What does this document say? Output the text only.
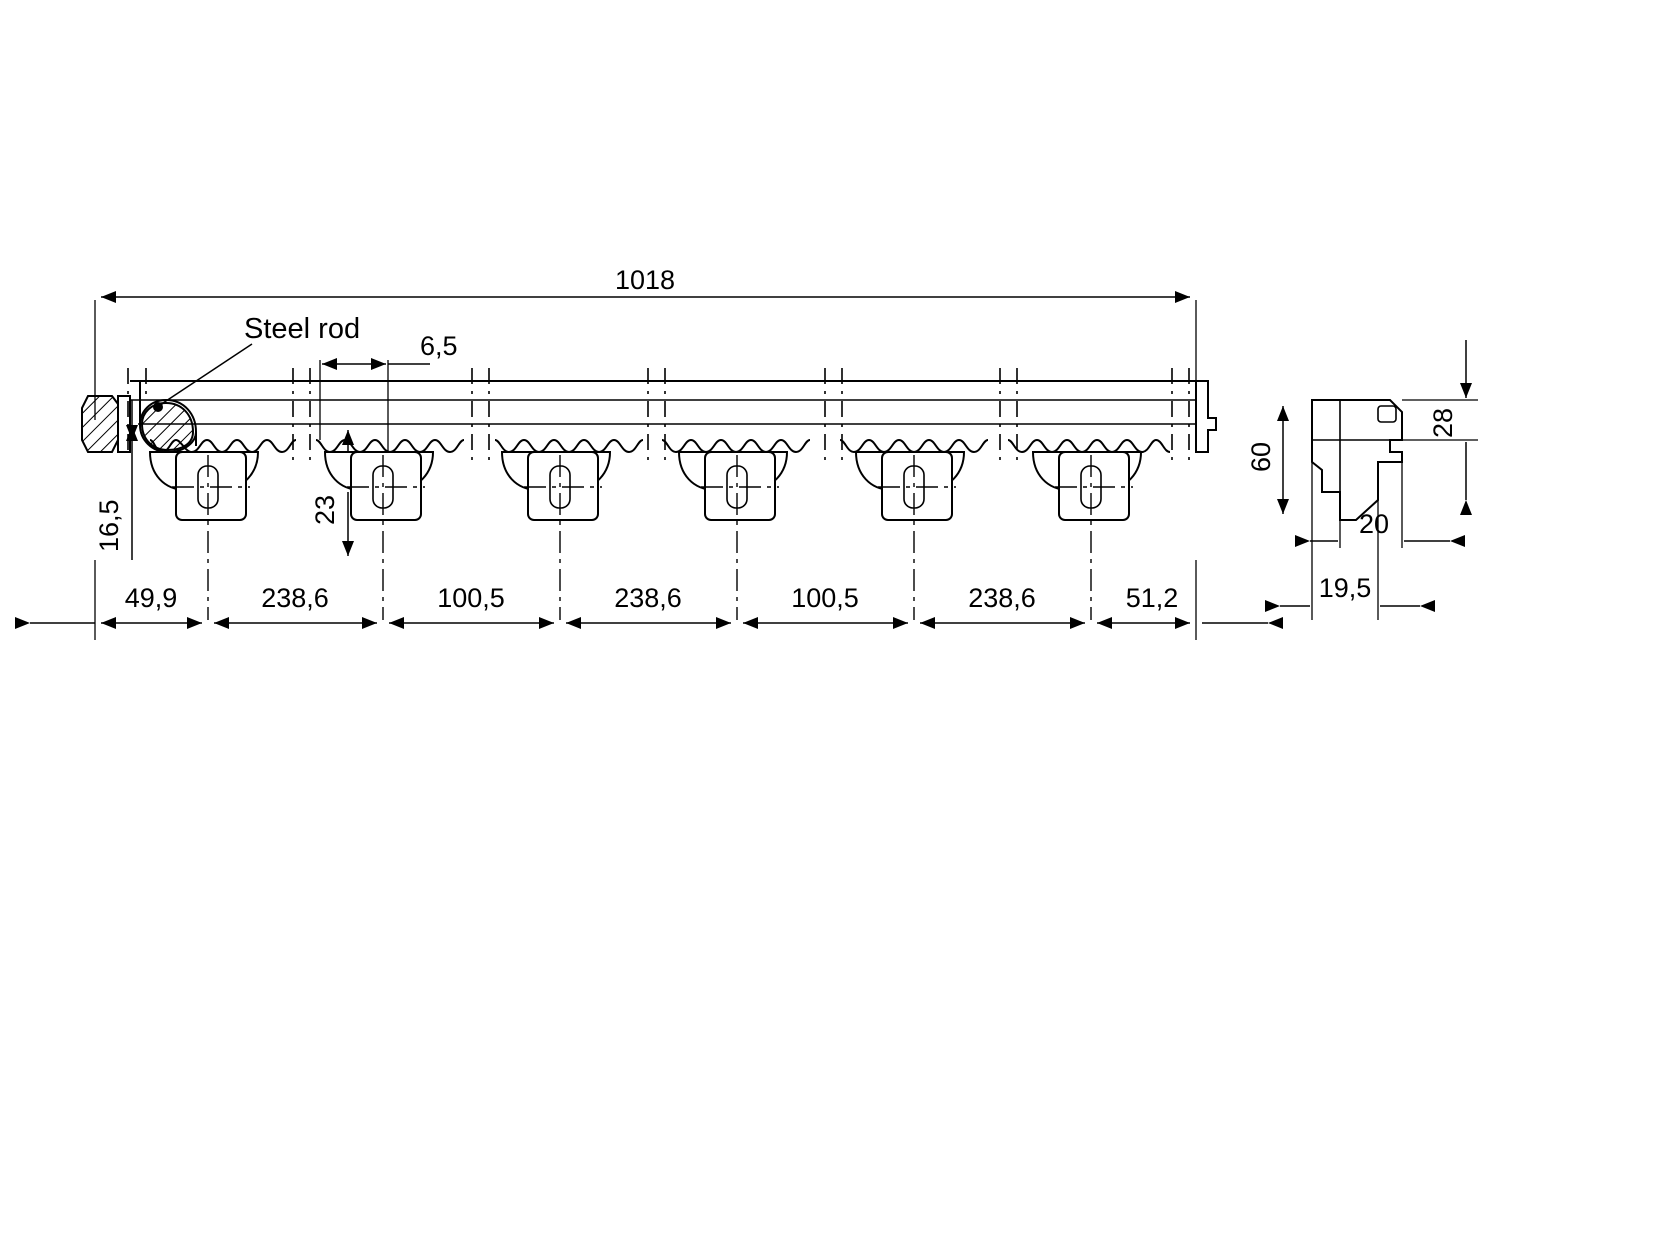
Steel rod
6,5
16,5	23
60
28
20
19,5
49,9	238,6	100,5	238,6	100,5	238,6	51,2
1018
